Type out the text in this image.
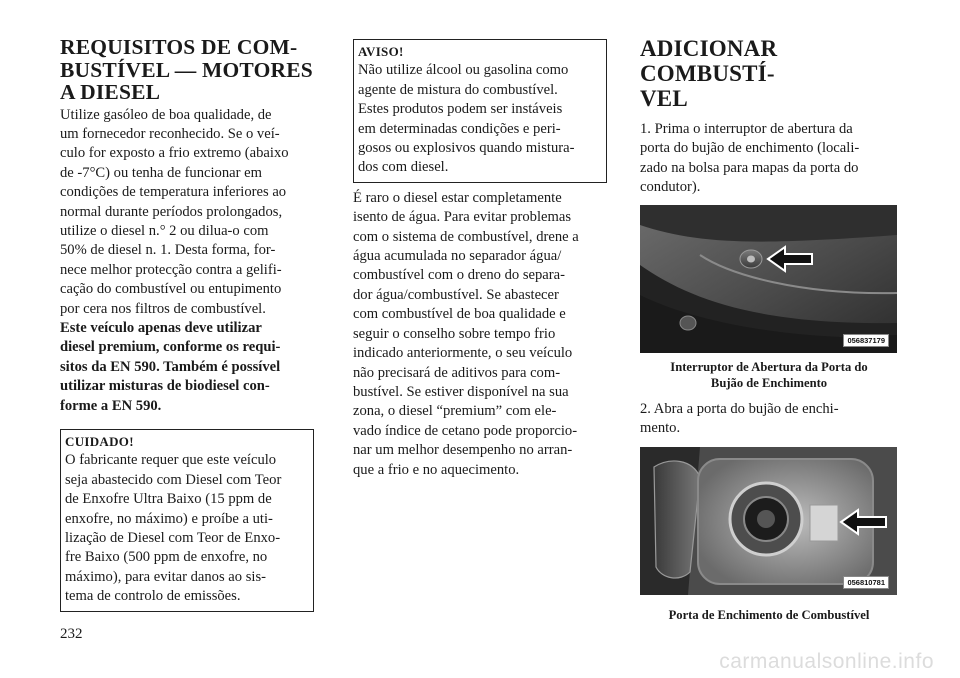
REQUISITOS DE COM-
BUSTÍVEL — MOTORES
A DIESEL

Utilize gasóleo de boa qualidade, de
um fornecedor reconhecido. Se o veí-
culo for exposto a frio extremo (abaixo
de -7°C) ou tenha de funcionar em
condições de temperatura inferiores ao
normal durante períodos prolongados,
utilize o diesel n.° 2 ou dilua-o com
50% de diesel n. 1. Desta forma, for-
nece melhor protecção contra a gelifi-
cação do combustível ou entupimento
por cera nos filtros de combustível.
Este veículo apenas deve utilizar
diesel premium, conforme os requi-
sitos da EN 590. Também é possível
utilizar misturas de biodiesel con-
forme a EN 590.

CUIDADO!
O fabricante requer que este veículo
seja abastecido com Diesel com Teor
de Enxofre Ultra Baixo (15 ppm de
enxofre, no máximo) e proíbe a uti-
lização de Diesel com Teor de Enxo-
fre Baixo (500 ppm de enxofre, no
máximo), para evitar danos ao sis-
tema de controlo de emissões.
AVISO!
Não utilize álcool ou gasolina como
agente de mistura do combustível.
Estes produtos podem ser instáveis
em determinadas condições e peri-
gosos ou explosivos quando mistura-
dos com diesel.

É raro o diesel estar completamente
isento de água. Para evitar problemas
com o sistema de combustível, drene a
água acumulada no separador água/
combustível com o dreno do separa-
dor água/combustível. Se abastecer
com combustível de boa qualidade e
seguir o conselho sobre tempo frio
indicado anteriormente, o seu veículo
não precisará de aditivos para com-
bustível. Se estiver disponível na sua
zona, o diesel “premium” com ele-
vado índice de cetano pode proporcio-
nar um melhor desempenho no arran-
que a frio e no aquecimento.

ADICIONAR COMBUSTÍ-
VEL

1. Prima o interruptor de abertura da
porta do bujão de enchimento (locali-
zado na bolsa para mapas da porta do
condutor).

056837179
Interruptor de Abertura da Porta do
Bujão de Enchimento

2. Abra a porta do bujão de enchi-
mento.

056810781
Porta de Enchimento de Combustível
232
carmanualsonline.info
